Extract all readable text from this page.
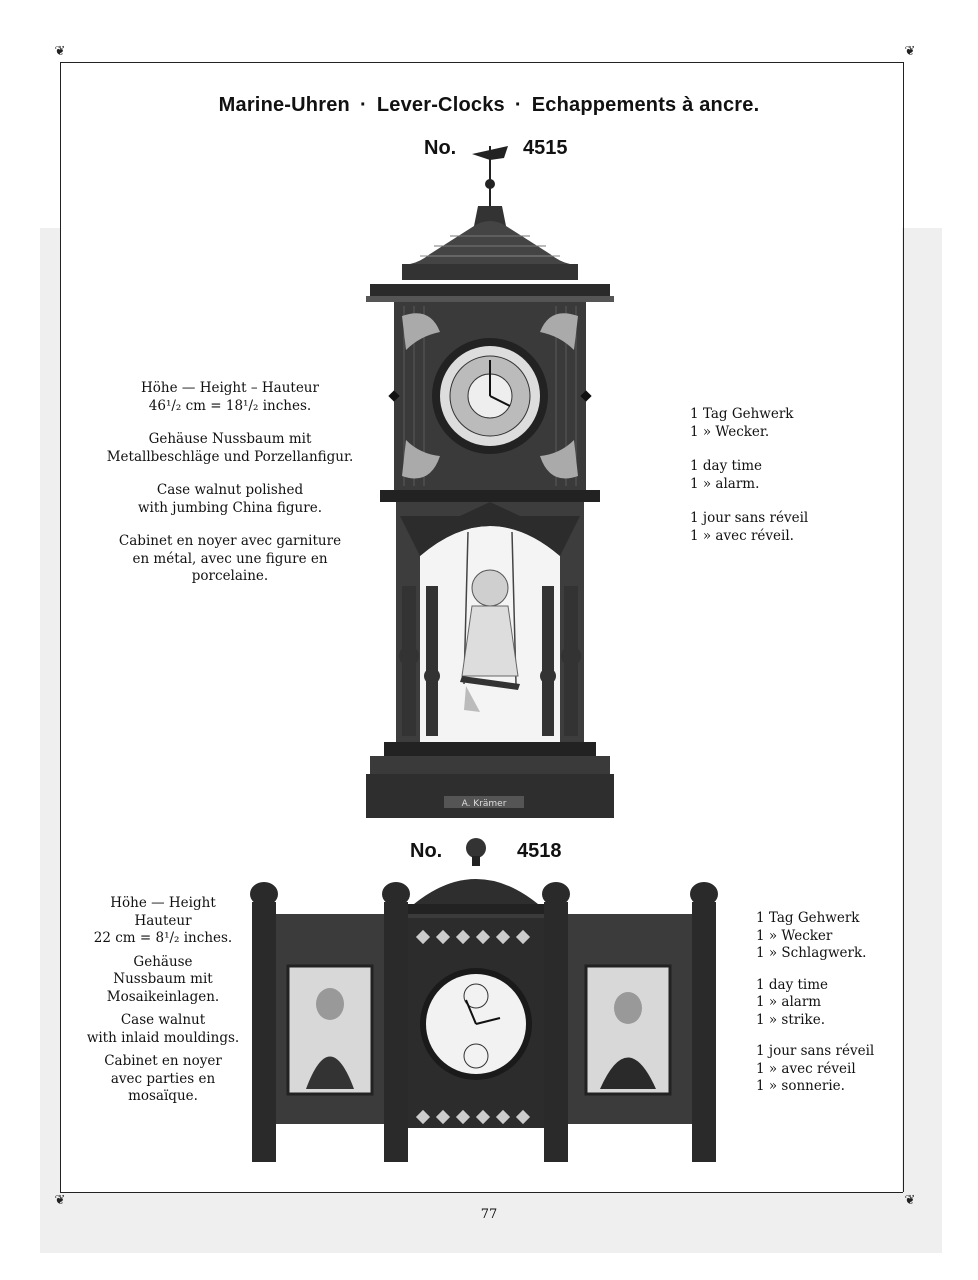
❦	❦
❦	❦
Marine-Uhren · Lever-Clocks · Echappements à ancre.
No.	4515
A. Krämer
Höhe — Height – Hauteur
46¹/₂ cm = 18¹/₂ inches.
Gehäuse Nussbaum mit
Metallbeschläge und Porzellanfigur.
Case walnut polished
with jumbing China figure.
Cabinet en noyer avec garniture
en métal, avec une figure en porcelaine.
1 Tag Gehwerk
1 » Wecker.
1 day time
1 » alarm.
1 jour sans réveil
1 » avec réveil.
No.	4518
Höhe — Height
Hauteur
22 cm = 8¹/₂ inches.
Gehäuse
Nussbaum mit
Mosaikeinlagen.
Case walnut
with inlaid mouldings.
Cabinet en noyer
avec parties en
mosaïque.
1 Tag Gehwerk
1 » Wecker
1 » Schlagwerk.
1 day time
1 » alarm
1 » strike.
1 jour sans réveil
1 » avec réveil
1 » sonnerie.
77
